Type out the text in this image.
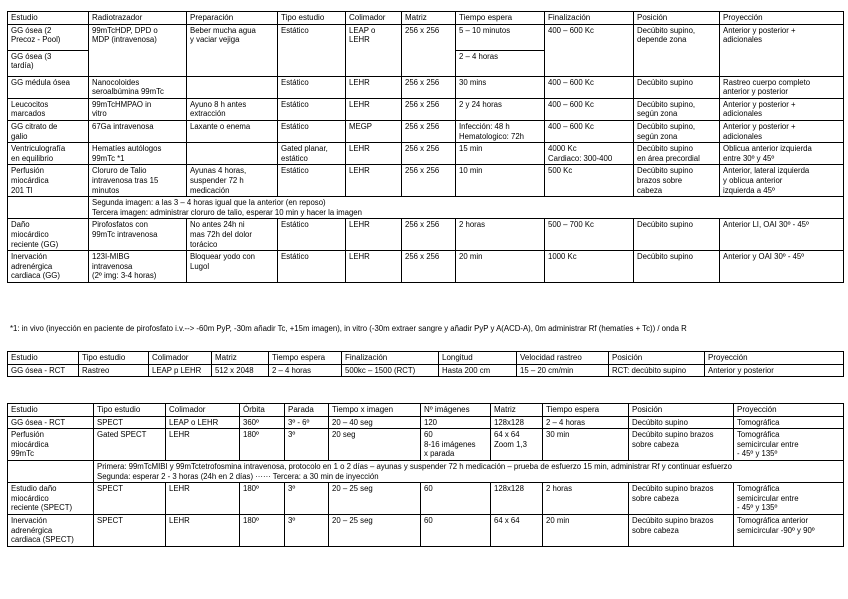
Estudio	Radiotrazador	Preparación	Tipo estudio	Colimador	Matriz	Tiempo espera	Finalización	Posición	Proyección
GG ósea (2
Precoz - Pool)	99mTcHDP, DPD o
MDP (intravenosa)	Beber mucha agua
y vaciar vejiga	Estático	LEAP o
LEHR	256 x 256	5 – 10 minutos	400 – 600 Kc	Decúbito supino,
depende zona	Anterior y posterior +
adicionales
GG ósea (3
tardía)						2 – 4 horas			
GG médula ósea	Nanocoloides
seroalbúmina 99mTc		Estático	LEHR	256 x 256	30 mins	400 – 600 Kc	Decúbito supino	Rastreo cuerpo completo
anterior y posterior
Leucocitos
marcados	99mTcHMPAO in
vitro	Ayuno 8 h antes
extracción	Estático	LEHR	256 x 256	2 y 24 horas	400 – 600 Kc	Decúbito supino,
según zona	Anterior y posterior +
adicionales
GG citrato de
galio	67Ga intravenosa	Laxante o enema	Estático	MEGP	256 x 256	Infección: 48 h
Hematologico: 72h	400 – 600 Kc	Decúbito supino,
según zona	Anterior y posterior +
adicionales
Ventriculografía
en equilibrio	Hematíes autólogos
99mTc *1		Gated planar,
estático	LEHR	256 x 256	15 min	4000 Kc
Cardiaco: 300-400	Decúbito supino
en área precordial	Oblicua anterior izquierda
entre 30º y 45º
Perfusión
miocárdica
201 Tl	Cloruro de Talio
intravenosa tras 15
minutos	Ayunas 4 horas,
suspender 72 h
medicación	Estático	LEHR	256 x 256	10 min	500 Kc	Decúbito supino
brazos sobre
cabeza	Anterior, lateral izquierda
y oblicua anterior
izquierda a 45º
	Segunda imagen: a las 3 – 4 horas igual que la anterior (en reposo)
Tercera imagen: administrar cloruro de talio, esperar 10 min y hacer la imagen								
Daño
miocárdico
reciente (GG)	Pirofosfatos con
99mTc intravenosa	No antes 24h ni
mas 72h del dolor
torácico	Estático	LEHR	256 x 256	2 horas	500 – 700 Kc	Decúbito supino	Anterior LI, OAI 30º - 45º
Inervación
adrenérgica
cardiaca (GG)	123I-MIBG
intravenosa
(2º img: 3-4 horas)	Bloquear yodo con
Lugol	Estático	LEHR	256 x 256	20 min	1000 Kc	Decúbito supino	Anterior y OAI 30º - 45º
*1: in vivo (inyección en paciente de pirofosfato i.v.--> -60m PyP, -30m añadir Tc, +15m imagen), in vitro (-30m extraer sangre y añadir PyP y A(ACD-A), 0m administrar Rf (hematíes + Tc)) / onda R
Estudio	Tipo estudio	Colimador	Matriz	Tiempo espera	Finalización	Longitud	Velocidad rastreo	Posición	Proyección
GG ósea - RCT	Rastreo	LEAP p LEHR	512 x 2048	2 – 4 horas	500kc – 1500 (RCT)	Hasta 200 cm	15 – 20 cm/min	RCT: decúbito supino	Anterior y posterior
Estudio	Tipo estudio	Colimador	Órbita	Parada	Tiempo x imagen	Nº imágenes	Matriz	Tiempo espera	Posición	Proyección
GG ósea - RCT	SPECT	LEAP o LEHR	360º	3º - 6º	20 – 40 seg	120	128x128	2 – 4 horas	Decúbito supino	Tomográfica
Perfusión
miocárdica
99mTc	Gated SPECT	LEHR	180º	3º	20 seg	60
8-16 imágenes
x parada	64 x 64
Zoom 1,3	30 min	Decúbito supino brazos
sobre cabeza	Tomográfica
semicircular entre
- 45º y 135º
	Primera: 99mTcMIBI y 99mTctetrofosmina intravenosa, protocolo en 1 o 2 días – ayunas y suspender 72 h medicación – prueba de esfuerzo 15 min, administrar Rf y continuar esfuerzo
Segunda: esperar 2 - 3 horas (24h en 2 días) ······ Tercera: a 30 min de inyección									
Estudio daño
miocárdico
reciente (SPECT)	SPECT	LEHR	180º	3º	20 – 25 seg	60	128x128	2 horas	Decúbito supino brazos
sobre cabeza	Tomográfica
semicircular entre
- 45º y 135º
Inervación
adrenérgica
cardiaca (SPECT)	SPECT	LEHR	180º	3º	20 – 25 seg	60	64 x 64	20 min	Decúbito supino brazos
sobre cabeza	Tomográfica anterior
semicircular -90º y 90º
